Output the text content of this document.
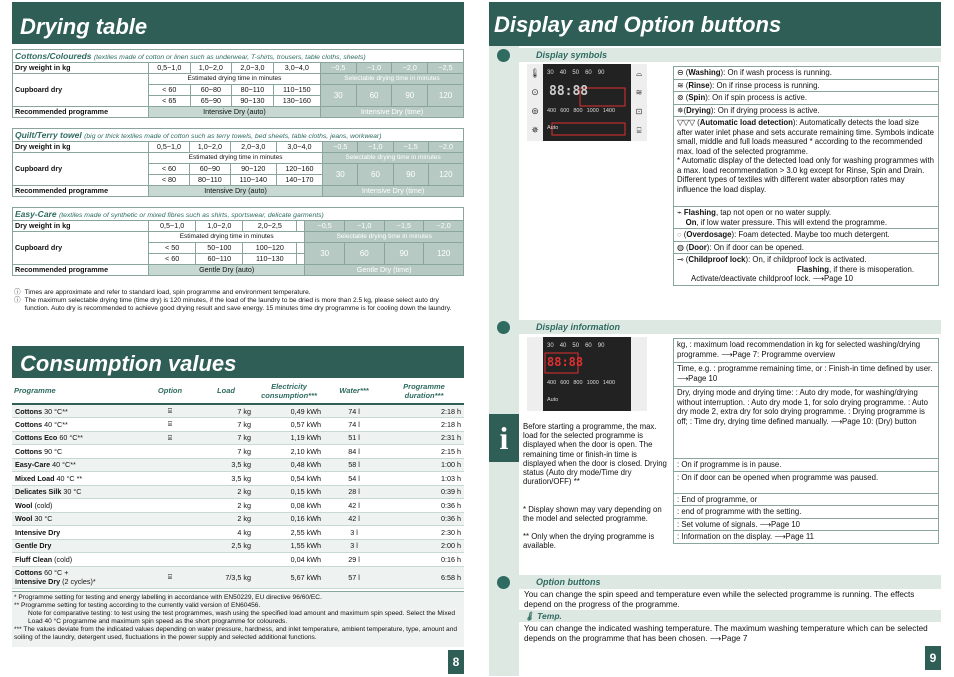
Drying table
Cottons/Coloureds (textiles made of cotton or linen such as underwear, T-shirts, trousers, table cloths, sheets)
Dry weight in kg	0,5~1,0	1,0~2,0	2,0~3,0	3,0~4,0	~0,5	~1,0	~2,0	~2,5
Cupboard dry	Estimated drying time in minutes				Selectable drying time in minutes			
	< 60	60~80	80~110	110~150	30	60	90	120
	< 65	65~90	90~130	130~160				
Recommended programme	Intensive Dry (auto)				Intensive Dry (time)			
Quilt/Terry towel (big or thick textiles made of cotton such as terry towels, bed sheets, table cloths, jeans, workwear)
Dry weight in kg	0,5~1,0	1,0~2,0	2,0~3,0	3,0~4,0	~0,5	~1,0	~1,5	~2,0
Cupboard dry	Estimated drying time in minutes				Selectable drying time in minutes			
	< 60	60~90	90~120	120~160	30	60	90	120
	< 80	80~110	110~140	140~170				
Recommended programme	Intensive Dry (auto)				Intensive Dry (time)			
Easy-Care (textiles made of synthetic or mixed fibres such as shirts, sportswear, delicate garments)
Dry weight in kg	0,5~1,0	1,0~2,0	2,0~2,5		~0,5	~1,0	~1,5	~2,0
Cupboard dry	Estimated drying time in minutes				Selectable drying time in minutes			
	< 50	50~100	100~120		30	60	90	120
	< 60	60~110	110~130					
Recommended programme	Gentle Dry (auto)				Gentle Dry (time)			
ⓘ Times are approximate and refer to standard load, spin programme and environment temperature.
ⓘ The maximum selectable drying time (time dry) is 120 minutes, if the load of the laundry to be dried is more than 2.5 kg, please select auto dry function. Auto dry is recommended to achieve good drying result and save energy. 15 minutes time dry programme is for cooling down the laundry.
Consumption values
Programme	Option	Load	Electricity consumption***	Water***	Programme duration***
Cottons 30 °C**	⌸	7 kg	0,49 kWh	74 l	2:18 h
Cottons 40 °C**	⌸	7 kg	0,57 kWh	74 l	2:18 h
Cottons Eco 60 °C**	⌸	7 kg	1,19 kWh	51 l	2:31 h
Cottons 90 °C		7 kg	2,10 kWh	84 l	2:15 h
Easy-Care 40 °C**		3,5 kg	0,48 kWh	58 l	1:00 h
Mixed Load 40 °C **		3,5 kg	0,54 kWh	54 l	1:03 h
Delicates Silk 30 °C		2 kg	0,15 kWh	28 l	0:39 h
Wool (cold)		2 kg	0,08 kWh	42 l	0:36 h
Wool 30 °C		2 kg	0,16 kWh	42 l	0:36 h
Intensive Dry		4 kg	2,55 kWh	3 l	2:30 h
Gentle Dry		2,5 kg	1,55 kWh	3 l	2:00 h
Fluff Clean (cold)			0,04 kWh	29 l	0:16 h
Cottons 60 °C +
Intensive Dry (2 cycles)*	⌸	7/3,5 kg	5,67 kWh	57 l	6:58 h
* Programme setting for testing and energy labelling in accordance with EN50229, EU directive 96/60/EC.
** Programme setting for testing according to the currently valid version of EN60456.
Note for comparative testing: to test using the test programmes, wash using the specified load amount and maximum spin speed. Select the Mixed Load 40 °C programme and maximum spin speed as the short programme for coloureds.
*** The values deviate from the indicated values depending on water pressure, hardness, and inlet temperature, ambient temperature, type, amount and soiling of the laundry, detergent used, fluctuations in the power supply and selected additional functions.
8
Display and Option buttons
Display symbols
🌡
⊙
⊚
✵
⌓
≋
⊡
⌸
30 40 50 60 90
88:88
400 600 800 1000 1400
Auto
⊖ (Washing): On if wash process is running.
≋ (Rinse): On if rinse process is running.
⊚ (Spin): On if spin process is active.
✵(Drying): On if drying process is active.
▽▽▽ (Automatic load detection): Automatically detects the load size after water inlet phase and sets accurate remaining time. Symbols indicate small, middle and full loads measured * according to the recommended max. load of the selected programme.
* Automatic display of the detected load only for washing programmes with a max. load recommendation > 3.0 kg except for Rinse, Spin and Drain. Different types of textiles with different water absorption rates may influence the load display.
⌁ Flashing, tap not open or no water supply.
On, if low water pressure. This will extend the programme.
◌ (Overdosage): Foam detected. Maybe too much detergent.
◍ (Door): On if door can be opened.
⊸ (Childproof lock): On, if childproof lock is activated.
Flashing, if there is misoperation.
Activate/deactivate childproof lock. ⟶Page 10
Display information
88:88
30 40 50 60 90
400 600 800 1000 1400
Auto
i	Before starting a programme, the max. load for the selected programme is displayed when the door is open. The remaining time or finish-in time is displayed when the door is closed. Drying status (Auto dry mode/Time dry duration/OFF) **
* Display shown may vary depending on the model and selected programme.
** Only when the drying programme is available.
kg, : maximum load recommendation in kg for selected washing/drying programme. ⟶Page 7: Programme overview
Time, e.g. : programme remaining time, or : Finish-in time defined by user. ⟶Page 10
Dry, drying mode and drying time: : Auto dry mode, for washing/drying without interruption. : Auto dry mode 1, for solo drying programme. : Auto dry mode 2, extra dry for solo drying programme. : Drying programme is off; : Time dry, drying time defined manually. ⟶Page 10: (Dry) button
: On if programme is in pause.
: On if door can be opened when programme was paused.
: End of programme, or
: end of programme with the setting.
: Set volume of signals. ⟶Page 10
: Information on the display. ⟶Page 11
Option buttons
You can change the spin speed and temperature even while the selected programme is running. The effects depend on the progress of the programme.
🌡 Temp.
You can change the indicated washing temperature. The maximum washing temperature which can be selected depends on the programme that has been chosen. ⟶Page 7
9
